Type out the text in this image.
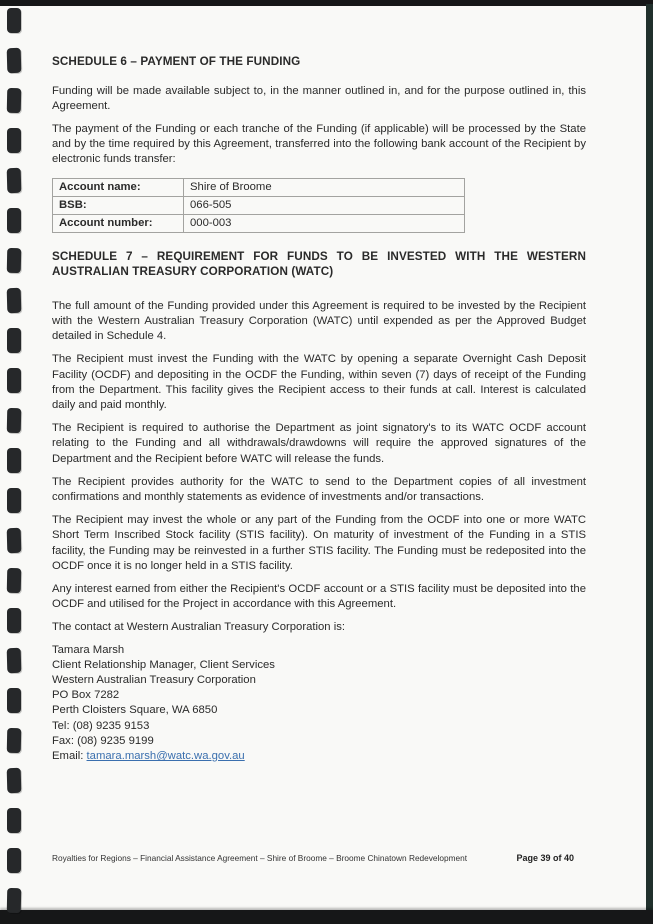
SCHEDULE 6 – PAYMENT OF THE FUNDING

Funding will be made available subject to, in the manner outlined in, and for the purpose outlined in, this Agreement.

The payment of the Funding or each tranche of the Funding (if applicable) will be processed by the State and by the time required by this Agreement, transferred into the following bank account of the Recipient by electronic funds transfer:

Account name:	Shire of Broome
BSB:	066-505
Account number:	000-003
SCHEDULE 7 – REQUIREMENT FOR FUNDS TO BE INVESTED WITH THE WESTERN AUSTRALIAN TREASURY CORPORATION (WATC)

The full amount of the Funding provided under this Agreement is required to be invested by the Recipient with the Western Australian Treasury Corporation (WATC) until expended as per the Approved Budget detailed in Schedule 4.

The Recipient must invest the Funding with the WATC by opening a separate Overnight Cash Deposit Facility (OCDF) and depositing in the OCDF the Funding, within seven (7) days of receipt of the Funding from the Department. This facility gives the Recipient access to their funds at call. Interest is calculated daily and paid monthly.

The Recipient is required to authorise the Department as joint signatory's to its WATC OCDF account relating to the Funding and all withdrawals/drawdowns will require the approved signatures of the Department and the Recipient before WATC will release the funds.

The Recipient provides authority for the WATC to send to the Department copies of all investment confirmations and monthly statements as evidence of investments and/or transactions.

The Recipient may invest the whole or any part of the Funding from the OCDF into one or more WATC Short Term Inscribed Stock facility (STIS facility). On maturity of investment of the Funding in a STIS facility, the Funding may be reinvested in a further STIS facility. The Funding must be redeposited into the OCDF once it is no longer held in a STIS facility.

Any interest earned from either the Recipient's OCDF account or a STIS facility must be deposited into the OCDF and utilised for the Project in accordance with this Agreement.

The contact at Western Australian Treasury Corporation is:

Tamara Marsh
Client Relationship Manager, Client Services
Western Australian Treasury Corporation
PO Box 7282
Perth Cloisters Square, WA 6850
Tel: (08) 9235 9153
Fax: (08) 9235 9199
Email: tamara.marsh@watc.wa.gov.au
Royalties for Regions – Financial Assistance Agreement – Shire of Broome – Broome Chinatown Redevelopment	Page 39 of 40
